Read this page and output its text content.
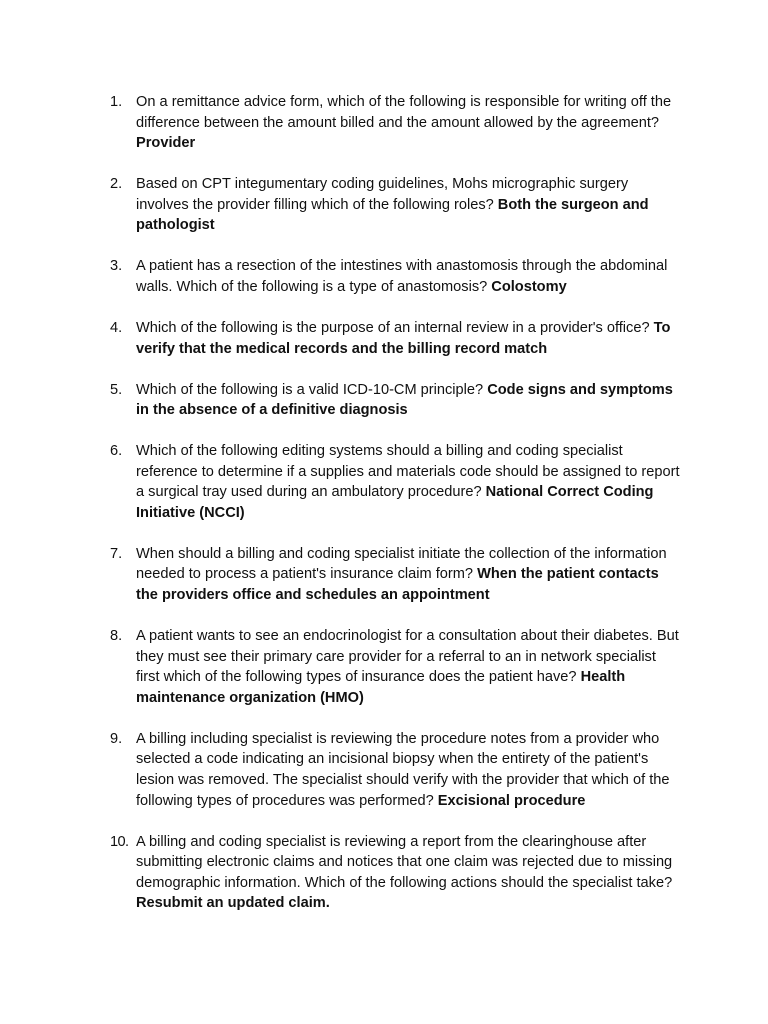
1. On a remittance advice form, which of the following is responsible for writing off the difference between the amount billed and the amount allowed by the agreement? Provider
2. Based on CPT integumentary coding guidelines, Mohs micrographic surgery involves the provider filling which of the following roles? Both the surgeon and pathologist
3. A patient has a resection of the intestines with anastomosis through the abdominal walls. Which of the following is a type of anastomosis? Colostomy
4. Which of the following is the purpose of an internal review in a provider's office? To verify that the medical records and the billing record match
5. Which of the following is a valid ICD-10-CM principle? Code signs and symptoms in the absence of a definitive diagnosis
6. Which of the following editing systems should a billing and coding specialist reference to determine if a supplies and materials code should be assigned to report a surgical tray used during an ambulatory procedure? National Correct Coding Initiative (NCCI)
7. When should a billing and coding specialist initiate the collection of the information needed to process a patient's insurance claim form? When the patient contacts the providers office and schedules an appointment
8. A patient wants to see an endocrinologist for a consultation about their diabetes. But they must see their primary care provider for a referral to an in network specialist first which of the following types of insurance does the patient have? Health maintenance organization (HMO)
9. A billing including specialist is reviewing the procedure notes from a provider who selected a code indicating an incisional biopsy when the entirety of the patient's lesion was removed. The specialist should verify with the provider that which of the following types of procedures was performed? Excisional procedure
10. A billing and coding specialist is reviewing a report from the clearinghouse after submitting electronic claims and notices that one claim was rejected due to missing demographic information. Which of the following actions should the specialist take? Resubmit an updated claim.
